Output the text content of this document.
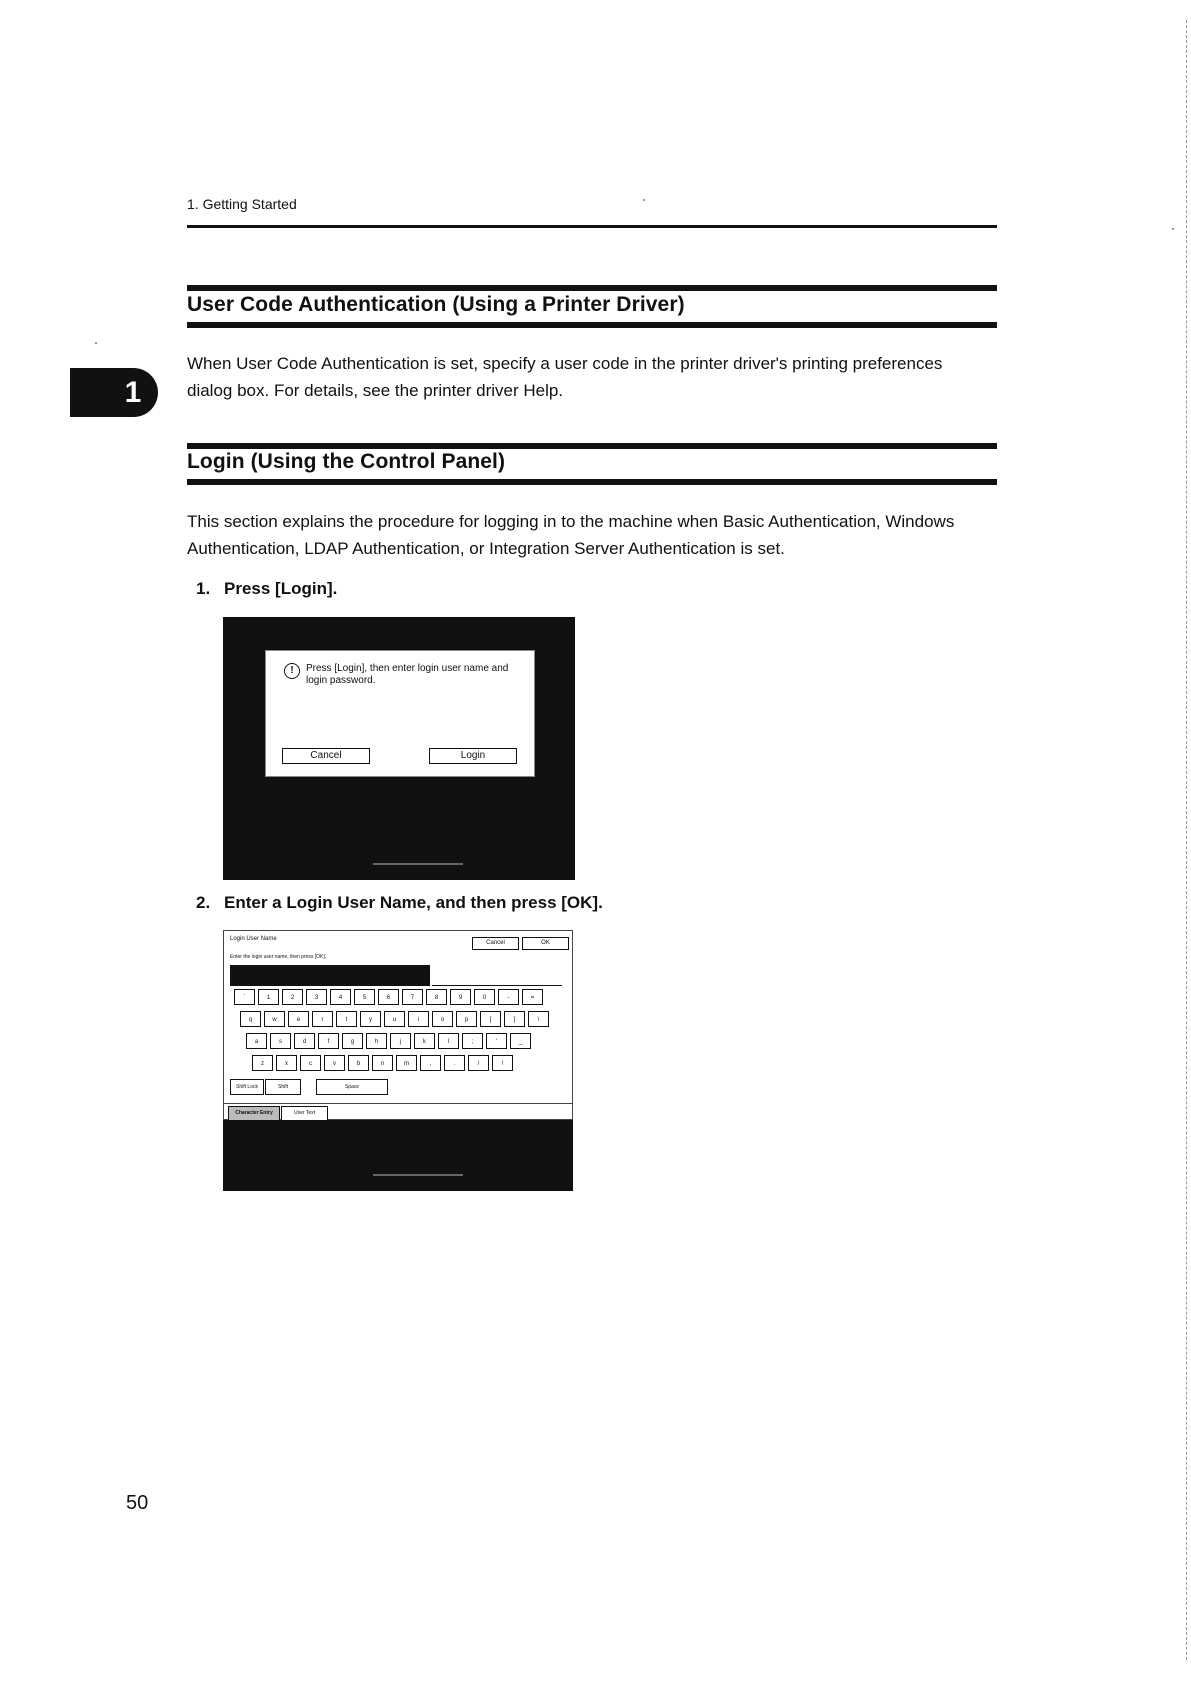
1. Getting Started
1
User Code Authentication (Using a Printer Driver)
When User Code Authentication is set, specify a user code in the printer driver's printing preferences
dialog box. For details, see the printer driver Help.
Login (Using the Control Panel)
This section explains the procedure for logging in to the machine when Basic Authentication, Windows
Authentication, LDAP Authentication, or Integration Server Authentication is set.
1. Press [Login].
!	Press [Login], then enter login user name and
login password.
Cancel	Login
2. Enter a Login User Name, and then press [OK].
Login User Name
Enter the login user name, then press [OK].
Cancel	OK
`	1	2	3	4	5	6	7	8	9	0	-	=
q	w	e	r	t	y	u	i	o	p	[	]	\
a	s	d	f	g	h	j	k	l	;	'	_
z	x	c	v	b	n	m	,	.	/	!
Shift Lock	Shift	Space
Character Entry	User Text
50
